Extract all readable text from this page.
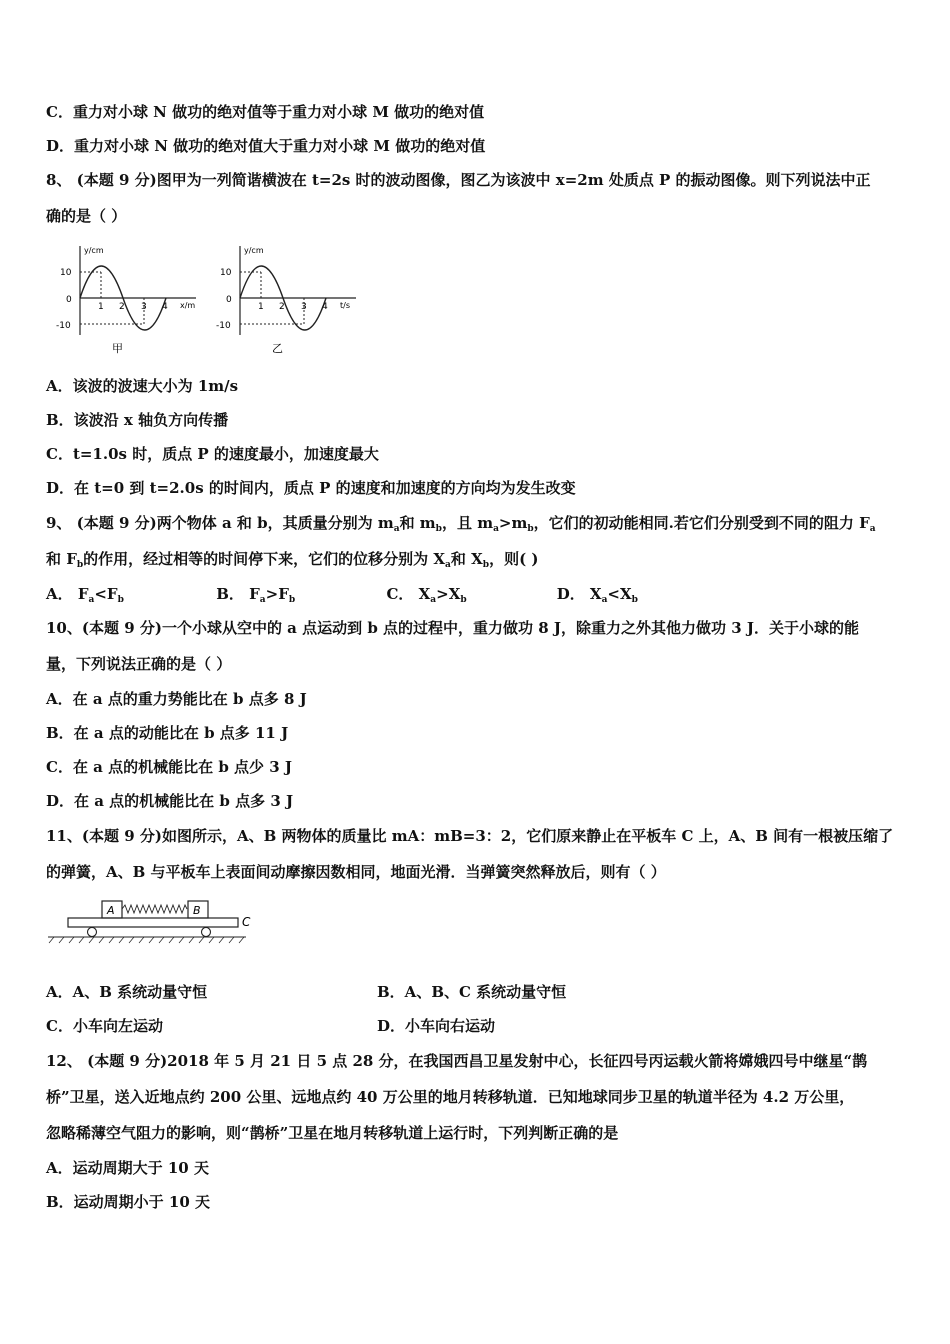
C．重力对小球 N 做功的绝对值等于重力对小球 M 做功的绝对值
D．重力对小球 N 做功的绝对值大于重力对小球 M 做功的绝对值
8、 (本题 9 分)图甲为一列简谐横波在 t=2s 时的波动图像，图乙为该波中 x=2m 处质点 P 的振动图像。则下列说法中正
确的是（ ）
y/cm
x/m
10
0
-10
1 2 3 4
甲
y/cm
t/s
10
0
-10
1 2 3 4
乙
A．该波的波速大小为 1m/s
B．该波沿 x 轴负方向传播
C．t=1.0s 时，质点 P 的速度最小，加速度最大
D．在 t=0 到 t=2.0s 的时间内，质点 P 的速度和加速度的方向均为发生改变
9、 (本题 9 分)两个物体 a 和 b，其质量分别为 $m_a$和 $m_b$，且 $m_a>m_b$，它们的初动能相同.若它们分别受到不同的阻力 $F_a$
和 $F_b$的作用，经过相等的时间停下来，它们的位移分别为 $X_a$和 $X_b$，则( )
A． $F_a<F_b$	B． $F_a>F_b$	C． $X_a>X_b$	D． $X_a<X_b$
10、(本题 9 分)一个小球从空中的 a 点运动到 b 点的过程中，重力做功 8 J，除重力之外其他力做功 3 J．关于小球的能
量，下列说法正确的是（ ）
A．在 a 点的重力势能比在 b 点多 8 J
B．在 a 点的动能比在 b 点多 11 J
C．在 a 点的机械能比在 b 点少 3 J
D．在 a 点的机械能比在 b 点多 3 J
11、(本题 9 分)如图所示，A、B 两物体的质量比 mA：mB=3：2，它们原来静止在平板车 C 上，A、B 间有一根被压缩了
的弹簧，A、B 与平板车上表面间动摩擦因数相同，地面光滑．当弹簧突然释放后，则有（ ）
A	B
C
A．A、B 系统动量守恒	B．A、B、C 系统动量守恒
C．小车向左运动	D．小车向右运动
12、 (本题 9 分)2018 年 5 月 21 日 5 点 28 分，在我国西昌卫星发射中心，长征四号丙运载火箭将嫦娥四号中继星“鹊
桥”卫星，送入近地点约 200 公里、远地点约 40 万公里的地月转移轨道．已知地球同步卫星的轨道半径为 4.2 万公里，
忽略稀薄空气阻力的影响，则“鹊桥”卫星在地月转移轨道上运行时，下列判断正确的是
A．运动周期大于 10 天
B．运动周期小于 10 天
